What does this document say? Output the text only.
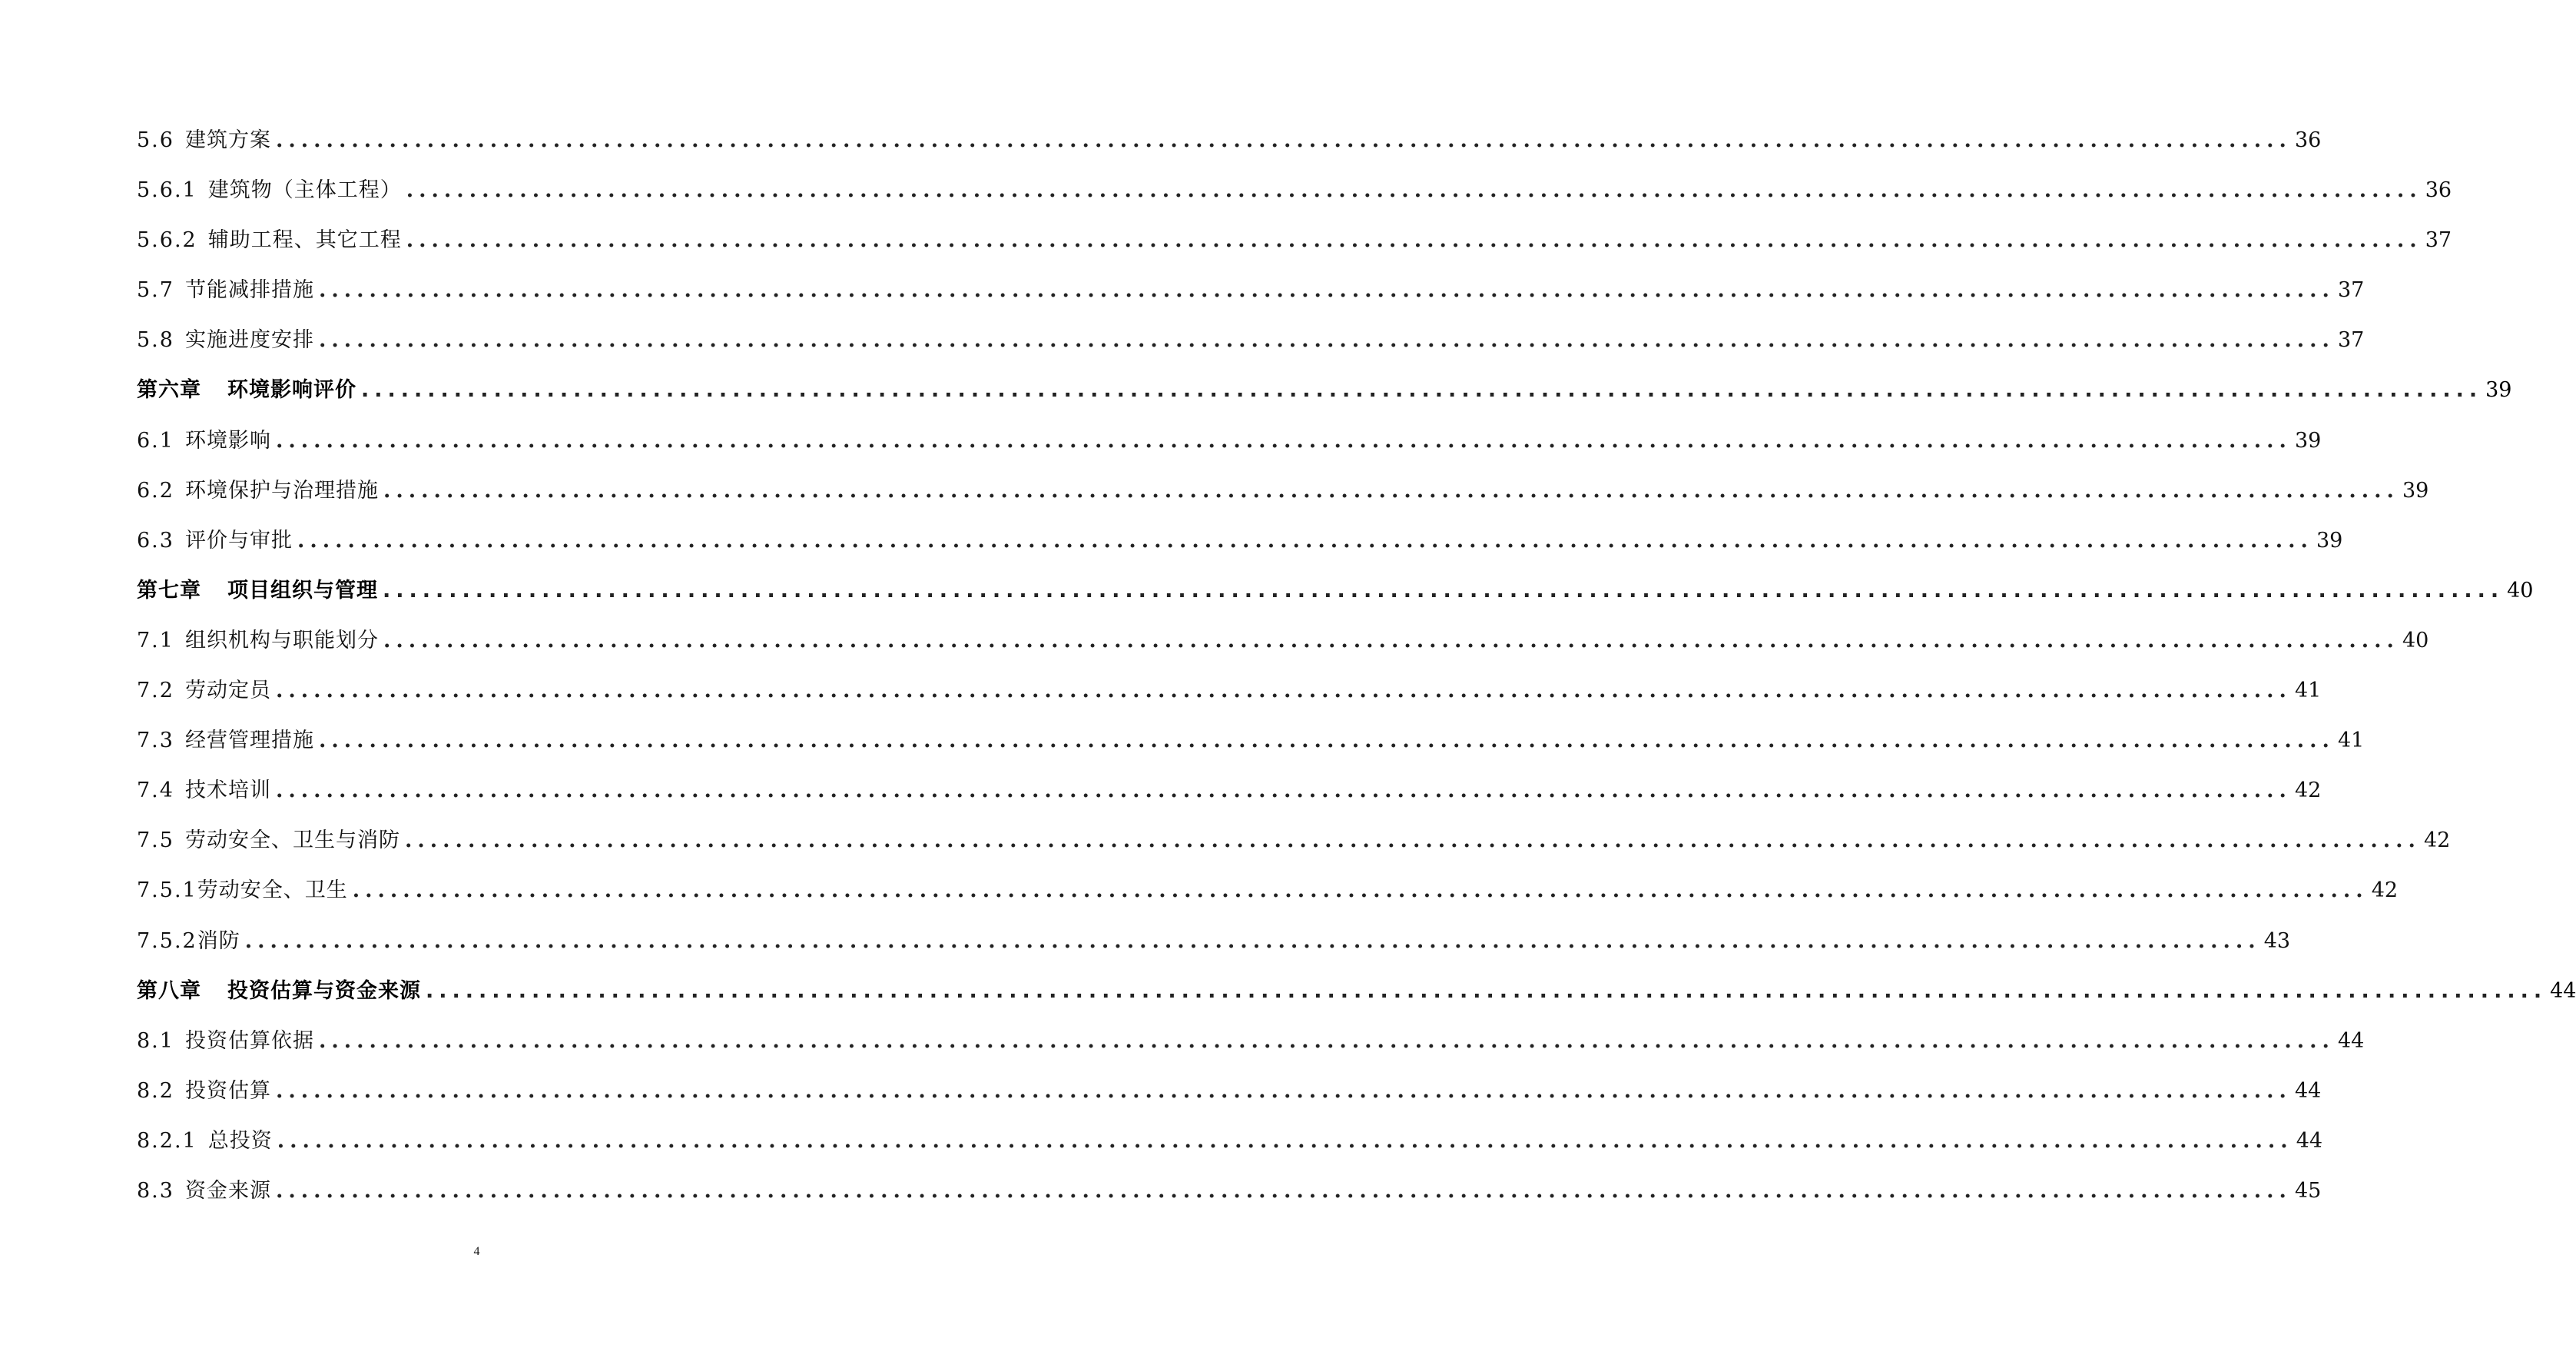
5.6 建筑方案 ................................................................................................................................................................ 36
5.6.1 建筑物（主体工程） ................................................................................................................................................................ 36
5.6.2 辅助工程、其它工程 ................................................................................................................................................................ 37
5.7 节能减排措施 ................................................................................................................................................................ 37
5.8 实施进度安排 ................................................................................................................................................................ 37
第六章 环境影响评价 ................................................................................................................................................................ 39
6.1 环境影响 ................................................................................................................................................................ 39
6.2 环境保护与治理措施 ................................................................................................................................................................ 39
6.3 评价与审批 ................................................................................................................................................................ 39
第七章 项目组织与管理 ................................................................................................................................................................ 40
7.1 组织机构与职能划分 ................................................................................................................................................................ 40
7.2 劳动定员 ................................................................................................................................................................ 41
7.3 经营管理措施 ................................................................................................................................................................ 41
7.4 技术培训 ................................................................................................................................................................ 42
7.5 劳动安全、卫生与消防 ................................................................................................................................................................ 42
7.5.1 劳动安全、卫生 ................................................................................................................................................................ 42
7.5.2 消防 ................................................................................................................................................................ 43
第八章 投资估算与资金来源 ................................................................................................................................................................ 44
8.1 投资估算依据 ................................................................................................................................................................ 44
8.2 投资估算 ................................................................................................................................................................ 44
8.2.1 总投资 ................................................................................................................................................................ 44
8.3 资金来源 ................................................................................................................................................................ 45
4
